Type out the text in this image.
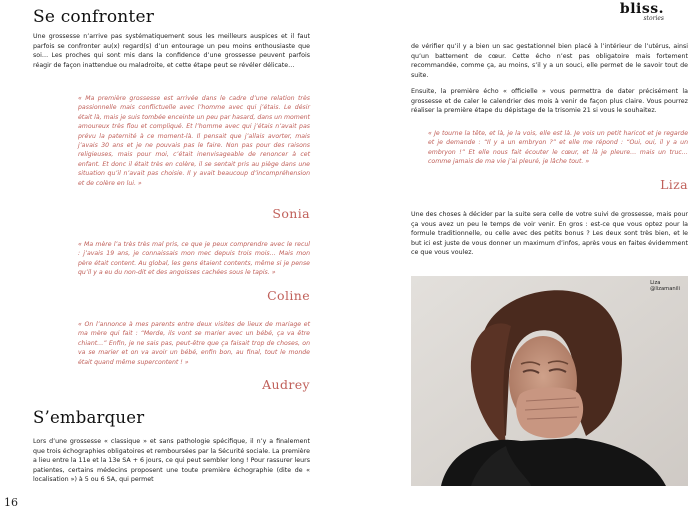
Se confronter

Une grossesse n’arrive pas systématiquement sous les meilleurs auspices et il faut parfois se confronter au(x) regard(s) d’un entourage un peu moins enthousiaste que soi… Les proches qui sont mis dans la confidence d’une grossesse peuvent parfois réagir de façon inattendue ou maladroite, et cette étape peut se révéler délicate…

« Ma première grossesse est arrivée dans le cadre d’une relation très passionnelle mais conflictuelle avec l’homme avec qui j’étais. Le désir était là, mais je suis tombée enceinte un peu par hasard, dans un moment amoureux très flou et compliqué. Et l’homme avec qui j’étais n’avait pas prévu la paternité à ce moment-là. Il pensait que j’allais avorter, mais j’avais 30 ans et je ne pouvais pas le faire. Non pas pour des raisons religieuses, mais pour moi, c’était inenvisageable de renoncer à cet enfant. Et donc il était très en colère, il se sentait pris au piège dans une situation qu’il n’avait pas choisie. Il y avait beaucoup d’incompréhension et de colère en lui. »

Sonia

« Ma mère l’a très très mal pris, ce que je peux comprendre avec le recul : j’avais 19 ans, je connaissais mon mec depuis trois mois… Mais mon père était content. Au global, les gens étaient contents, même si je pense qu’il y a eu du non-dit et des angoisses cachées sous le tapis. »

Coline

« On l’annonce à mes parents entre deux visites de lieux de mariage et ma mère qui fait : “Merde, ils vont se marier avec un bébé, ça va être chiant…” Enfin, je ne sais pas, peut-être que ça faisait trop de choses, on va se marier et on va avoir un bébé, enfin bon, au final, tout le monde était quand même supercontent ! »

Audrey
S’embarquer

Lors d’une grossesse « classique » et sans pathologie spécifique, il n’y a finalement que trois échographies obligatoires et remboursées par la Sécurité sociale. La première a lieu entre la 11e et la 13e SA + 6 jours, ce qui peut sembler long ! Pour rassurer leurs patientes, certains médecins proposent une toute première échographie (dite de « localisation ») à 5 ou 6 SA, qui permet

16
bliss.
stories

de vérifier qu’il y a bien un sac gestationnel bien placé à l’intérieur de l’utérus, ainsi qu’un battement de cœur. Cette écho n’est pas obligatoire mais fortement recommandée, comme ça, au moins, s’il y a un souci, elle permet de le savoir tout de suite.

Ensuite, la première écho « officielle » vous permettra de dater précisément la grossesse et de caler le calendrier des mois à venir de façon plus claire. Vous pourrez réaliser la première étape du dépistage de la trisomie 21 si vous le souhaitez.

« Je tourne la tête, et là, je la vois, elle est là. Je vois un petit haricot et je regarde et je demande : “Il y a un embryon ?” et elle me répond : “Oui, oui, il y a un embryon !” Et elle nous fait écouter le cœur, et là je pleure… mais un truc… comme jamais de ma vie j’ai pleuré, je lâche tout. »

Liza

Une des choses à décider par la suite sera celle de votre suivi de grossesse, mais pour ça vous avez un peu le temps de voir venir. En gros : est-ce que vous optez pour la formule traditionnelle, ou celle avec des petits bonus ? Les deux sont très bien, et le but ici est juste de vous donner un maximum d’infos, après vous en faites évidemment ce que vous voulez.

Liza
@lizamanili
